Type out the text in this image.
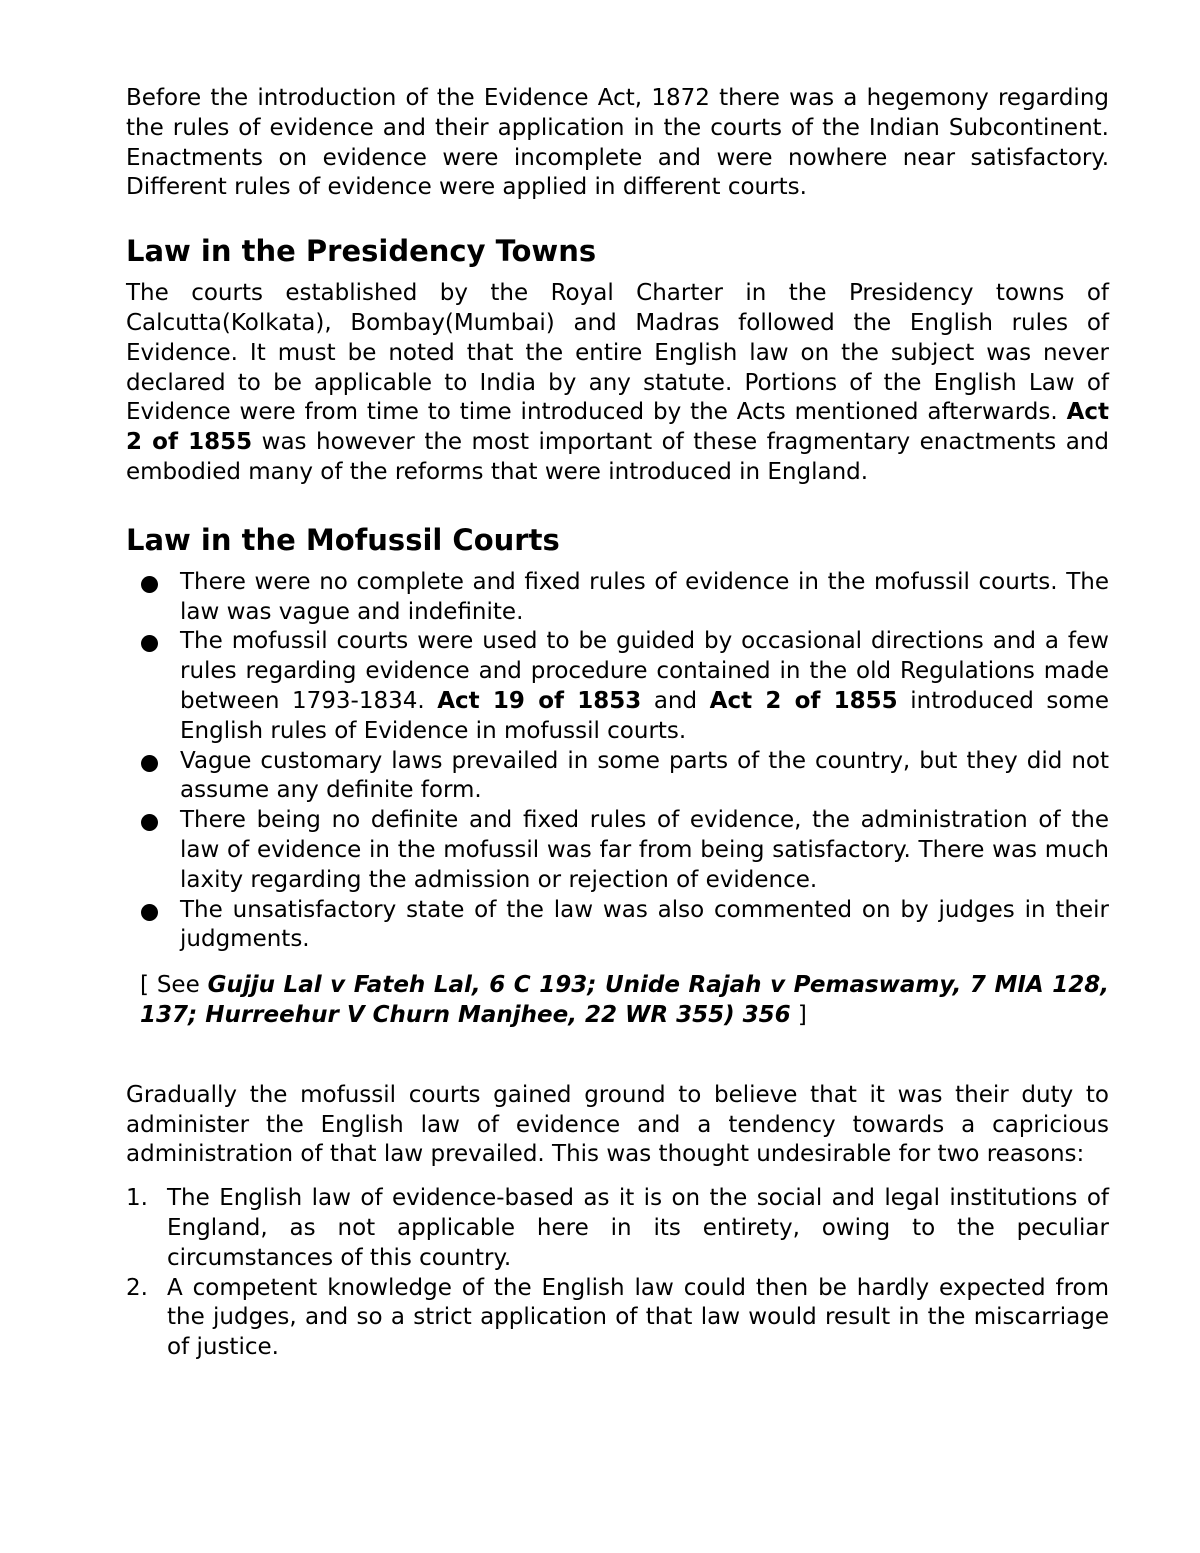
Before the introduction of the Evidence Act, 1872 there was a hegemony regarding the rules of evidence and their application in the courts of the Indian Subcontinent. Enactments on evidence were incomplete and were nowhere near satisfactory. Different rules of evidence were applied in different courts.

Law in the Presidency Towns

The courts established by the Royal Charter in the Presidency towns of Calcutta(Kolkata), Bombay(Mumbai) and Madras followed the English rules of Evidence. It must be noted that the entire English law on the subject was never declared to be applicable to India by any statute. Portions of the English Law of Evidence were from time to time introduced by the Acts mentioned afterwards. Act 2 of 1855 was however the most important of these fragmentary enactments and embodied many of the reforms that were introduced in England.

Law in the Mofussil Courts
There were no complete and fixed rules of evidence in the mofussil courts. The law was vague and indefinite.
The mofussil courts were used to be guided by occasional directions and a few rules regarding evidence and procedure contained in the old Regulations made between 1793-1834. Act 19 of 1853 and Act 2 of 1855 introduced some English rules of Evidence in mofussil courts.
Vague customary laws prevailed in some parts of the country, but they did not assume any definite form.
There being no definite and fixed rules of evidence, the administration of the law of evidence in the mofussil was far from being satisfactory. There was much laxity regarding the admission or rejection of evidence.
The unsatisfactory state of the law was also commented on by judges in their judgments.

[ See Gujju Lal v Fateh Lal, 6 C 193; Unide Rajah v Pemaswamy, 7 MIA 128, 137; Hurreehur V Churn Manjhee, 22 WR 355) 356 ]

Gradually the mofussil courts gained ground to believe that it was their duty to administer the English law of evidence and a tendency towards a capricious administration of that law prevailed. This was thought undesirable for two reasons:

1. The English law of evidence-based as it is on the social and legal institutions of England, as not applicable here in its entirety, owing to the peculiar circumstances of this country.
2. A competent knowledge of the English law could then be hardly expected from the judges, and so a strict application of that law would result in the miscarriage of justice.
